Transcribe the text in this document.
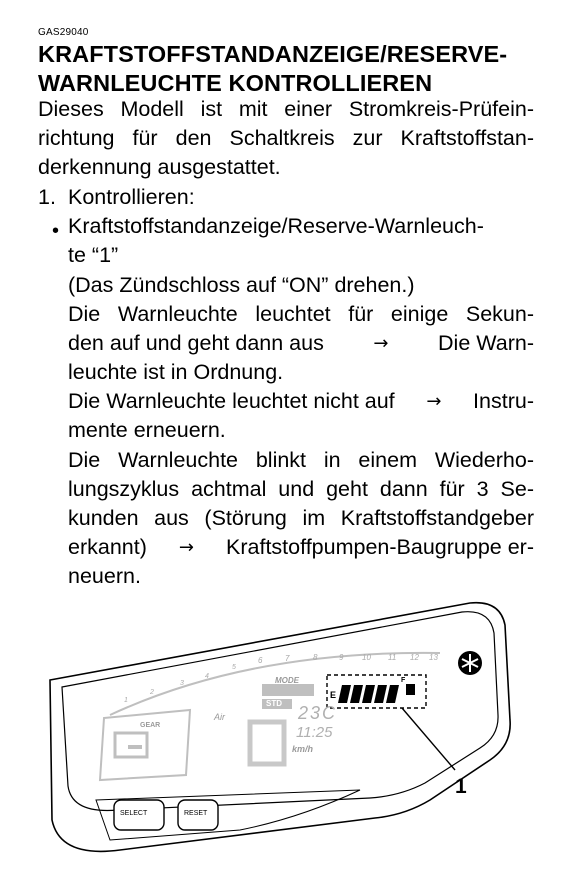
GAS29040
KRAFTSTOFFSTANDANZEIGE/RESERVE-
WARNLEUCHTE KONTROLLIEREN
Dieses Modell ist mit einer Stromkreis-Prüfein-
richtung für den Schaltkreis zur Kraftstoffstan-
derkennung ausgestattet.
1. Kontrollieren:
• Kraftstoffstandanzeige/Reserve-Warnleuch-
te “1”
(Das Zündschloss auf “ON” drehen.)
Die Warnleuchte leuchtet für einige Sekun-
den auf und geht dann aus	→ Die Warn-
leuchte ist in Ordnung.
Die Warnleuchte leuchtet nicht auf → Instru-
mente erneuern.
Die Warnleuchte blinkt in einem Wiederho-
lungszyklus achtmal und geht dann für 3 Se-
kunden aus (Störung im Kraftstoffstandgeber
erkannt) → Kraftstoffpumpen-Baugruppe er-
neuern.
MODE
STD
GEAR
Air	23C
11:25
km/h
E
F
1
2
3
4
5
6	7	8	9 10 11 12 13
SELECT	RESET
1
